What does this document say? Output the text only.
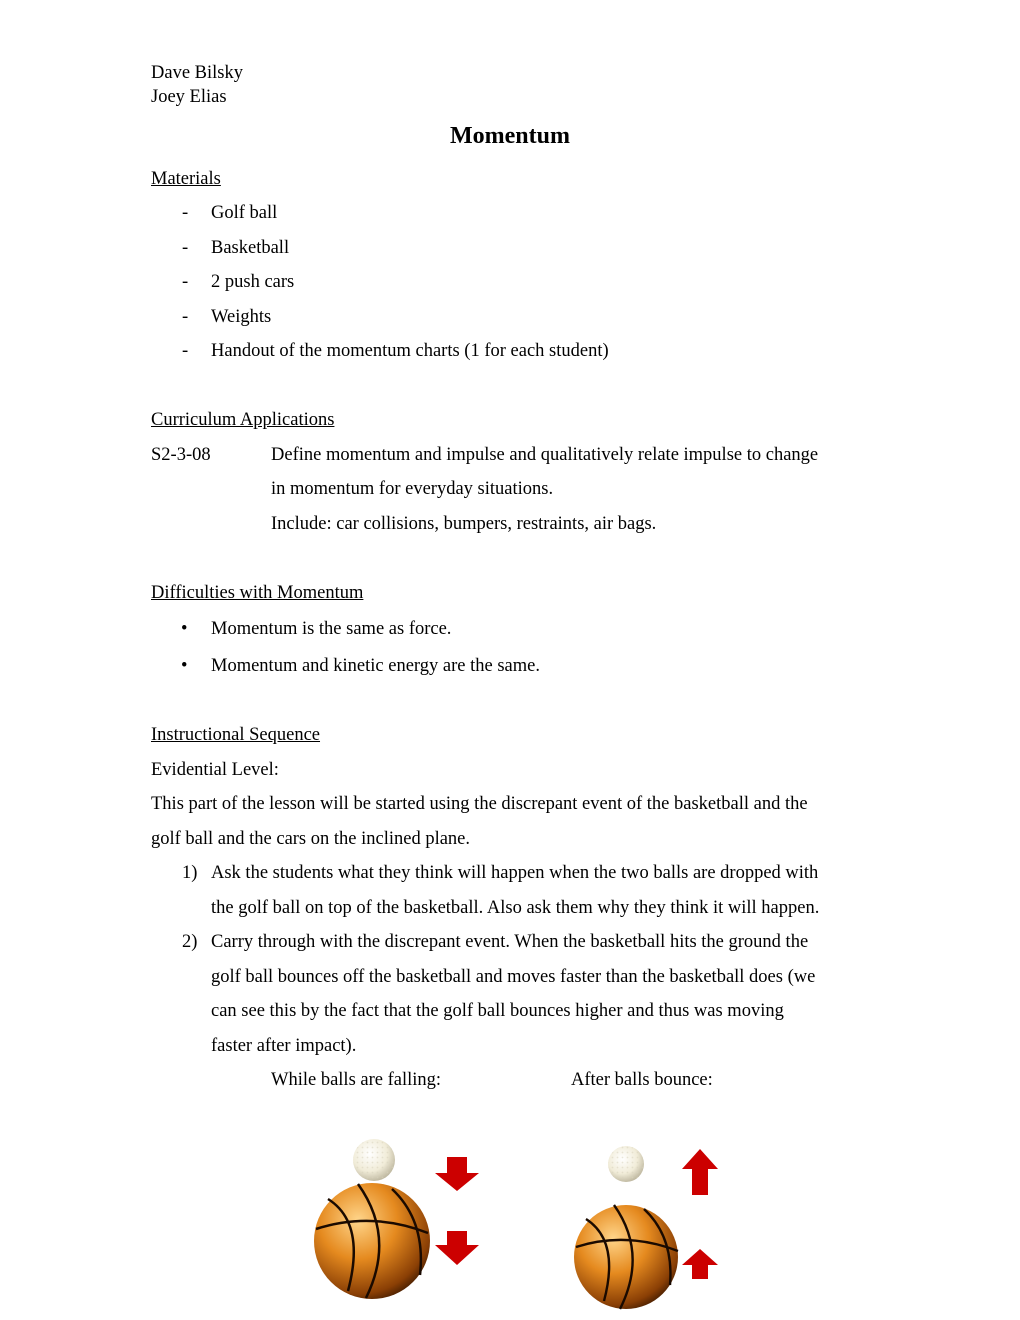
Dave Bilsky
Joey Elias
Momentum
Materials
- Golf ball
- Basketball
- 2 push cars
- Weights
- Handout of the momentum charts (1 for each student)
Curriculum Applications
S2-3-08	Define momentum and impulse and qualitatively relate impulse to change
in momentum for everyday situations.
Include: car collisions, bumpers, restraints, air bags.
Difficulties with Momentum
• Momentum is the same as force.
• Momentum and kinetic energy are the same.
Instructional Sequence
Evidential Level:
This part of the lesson will be started using the discrepant event of the basketball and the
golf ball and the cars on the inclined plane.
1) Ask the students what they think will happen when the two balls are dropped with
the golf ball on top of the basketball. Also ask them why they think it will happen.
2) Carry through with the discrepant event. When the basketball hits the ground the
golf ball bounces off the basketball and moves faster than the basketball does (we
can see this by the fact that the golf ball bounces higher and thus was moving
faster after impact).
While balls are falling:	After balls bounce:
